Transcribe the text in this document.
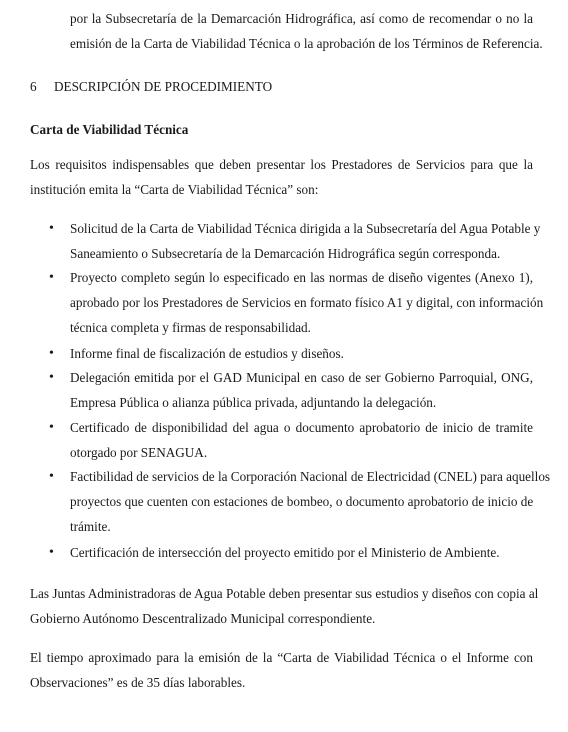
por la Subsecretaría de la Demarcación Hidrográfica, así como de recomendar o no la
emisión de la Carta de Viabilidad Técnica o la aprobación de los Términos de Referencia.
6 DESCRIPCIÓN DE PROCEDIMIENTO
Carta de Viabilidad Técnica
Los requisitos indispensables que deben presentar los Prestadores de Servicios para que la
institución emita la “Carta de Viabilidad Técnica” son:
• Solicitud de la Carta de Viabilidad Técnica dirigida a la Subsecretaría del Agua Potable y
Saneamiento o Subsecretaría de la Demarcación Hidrográfica según corresponda.
• Proyecto completo según lo especificado en las normas de diseño vigentes (Anexo 1),
aprobado por los Prestadores de Servicios en formato físico A1 y digital, con información
técnica completa y firmas de responsabilidad.
• Informe final de fiscalización de estudios y diseños.
• Delegación emitida por el GAD Municipal en caso de ser Gobierno Parroquial, ONG,
Empresa Pública o alianza pública privada, adjuntando la delegación.
• Certificado de disponibilidad del agua o documento aprobatorio de inicio de tramite
otorgado por SENAGUA.
• Factibilidad de servicios de la Corporación Nacional de Electricidad (CNEL) para aquellos
proyectos que cuenten con estaciones de bombeo, o documento aprobatorio de inicio de
trámite.
• Certificación de intersección del proyecto emitido por el Ministerio de Ambiente.
Las Juntas Administradoras de Agua Potable deben presentar sus estudios y diseños con copia al
Gobierno Autónomo Descentralizado Municipal correspondiente.
El tiempo aproximado para la emisión de la “Carta de Viabilidad Técnica o el Informe con
Observaciones” es de 35 días laborables.
